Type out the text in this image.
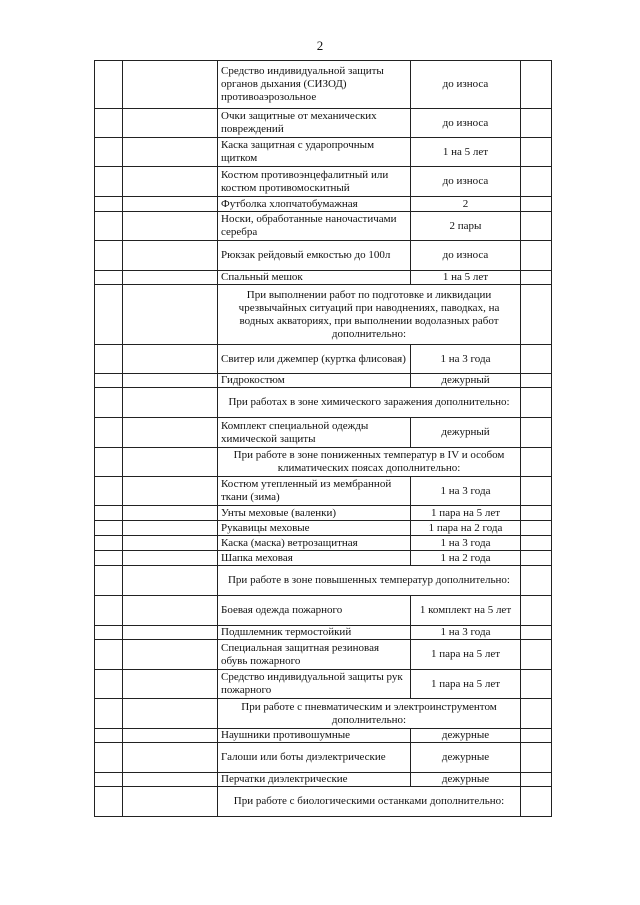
2
		Средство индивидуальной защиты органов дыхания (СИЗОД) противоаэрозольное	до износа	
		Очки защитные от механических повреждений	до износа	
		Каска защитная с ударопрочным щитком	1 на 5 лет	
		Костюм противоэнцефалитный или костюм противомоскитный	до износа	
		Футболка хлопчатобумажная	2	
		Носки, обработанные наночастичами серебра	2 пары	
		Рюкзак рейдовый емкостью до 100л	до износа	
		Спальный мешок	1 на 5 лет	
		При выполнении работ по подготовке и ликвидации чрезвычайных ситуаций при наводнениях, паводках, на водных акваториях, при выполнении водолазных работ дополнительно:		
		Свитер или джемпер (куртка флисовая)	1 на 3 года	
		Гидрокостюм	дежурный	
		При работах в зоне химического заражения дополнительно:		
		Комплект специальной одежды химической защиты	дежурный	
		При работе в зоне пониженных температур в IV и особом климатических поясах дополнительно:		
		Костюм утепленный из мембранной ткани (зима)	1 на 3 года	
		Унты меховые (валенки)	1 пара на 5 лет	
		Рукавицы меховые	1 пара на 2 года	
		Каска (маска) ветрозащитная	1 на 3 года	
		Шапка меховая	1 на 2 года	
		При работе в зоне повышенных температур дополнительно:		
		Боевая одежда пожарного	1 комплект на 5 лет	
		Подшлемник термостойкий	1 на 3 года	
		Специальная защитная резиновая обувь пожарного	1 пара на 5 лет	
		Средство индивидуальной защиты рук пожарного	1 пара на 5 лет	
		При работе с пневматическим и электроинструментом дополнительно:		
		Наушники противошумные	дежурные	
		Галоши или боты диэлектрические	дежурные	
		Перчатки диэлектрические	дежурные	
		При работе с биологическими останками дополнительно:		
